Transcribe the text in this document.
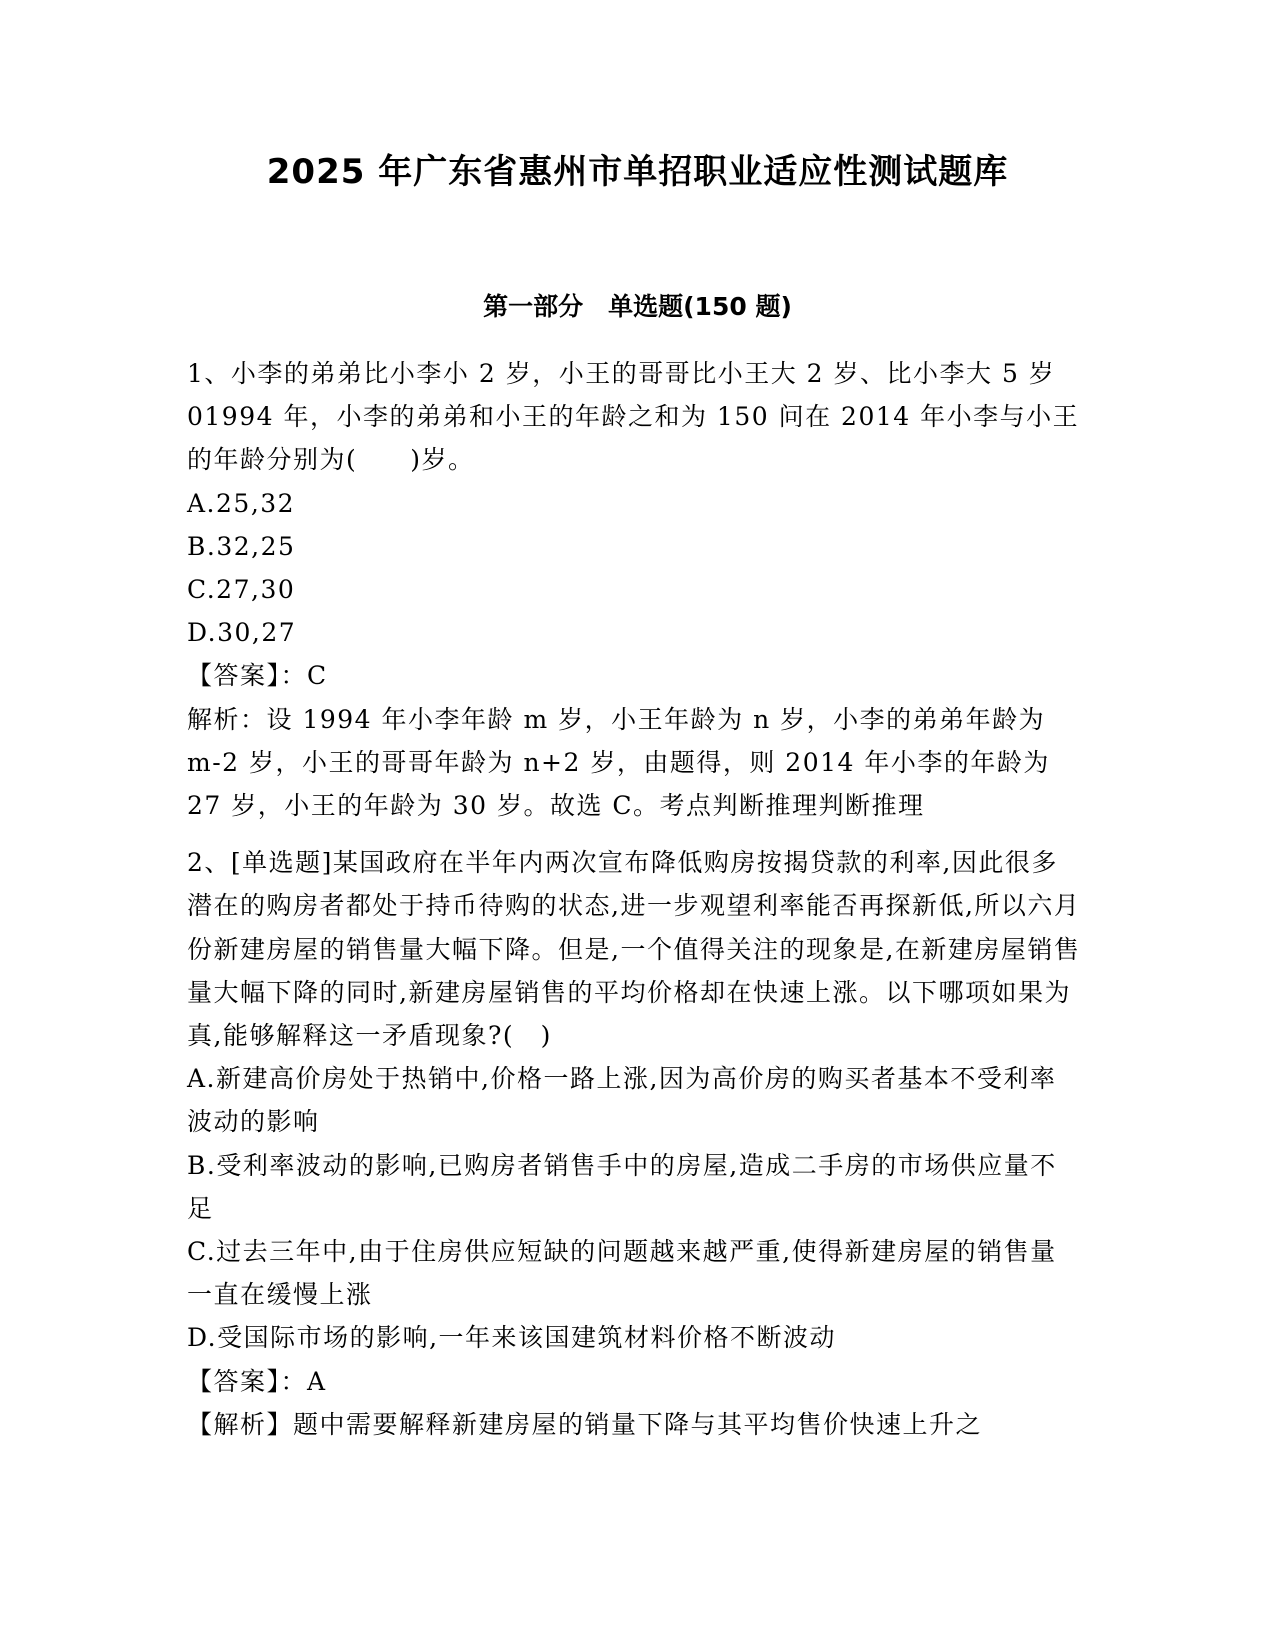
2025 年广东省惠州市单招职业适应性测试题库
第一部分　单选题(150 题)

1、小李的弟弟比小李小 2 岁，小王的哥哥比小王大 2 岁、比小李大 5 岁 01994 年，小李的弟弟和小王的年龄之和为 150 问在 2014 年小李与小王的年龄分别为(　　)岁。

A.25,32

B.32,25

C.27,30

D.30,27

【答案】：C

解析：设 1994 年小李年龄 m 岁，小王年龄为 n 岁，小李的弟弟年龄为 m-2 岁，小王的哥哥年龄为 n+2 岁，由题得，则 2014 年小李的年龄为 27 岁，小王的年龄为 30 岁。故选 C。考点判断推理判断推理

2、[单选题]某国政府在半年内两次宣布降低购房按揭贷款的利率,因此很多潜在的购房者都处于持币待购的状态,进一步观望利率能否再探新低,所以六月份新建房屋的销售量大幅下降。但是,一个值得关注的现象是,在新建房屋销售量大幅下降的同时,新建房屋销售的平均价格却在快速上涨。以下哪项如果为真,能够解释这一矛盾现象?(　)

A.新建高价房处于热销中,价格一路上涨,因为高价房的购买者基本不受利率波动的影响

B.受利率波动的影响,已购房者销售手中的房屋,造成二手房的市场供应量不足

C.过去三年中,由于住房供应短缺的问题越来越严重,使得新建房屋的销售量一直在缓慢上涨

D.受国际市场的影响,一年来该国建筑材料价格不断波动

【答案】：A

【解析】题中需要解释新建房屋的销量下降与其平均售价快速上升之
